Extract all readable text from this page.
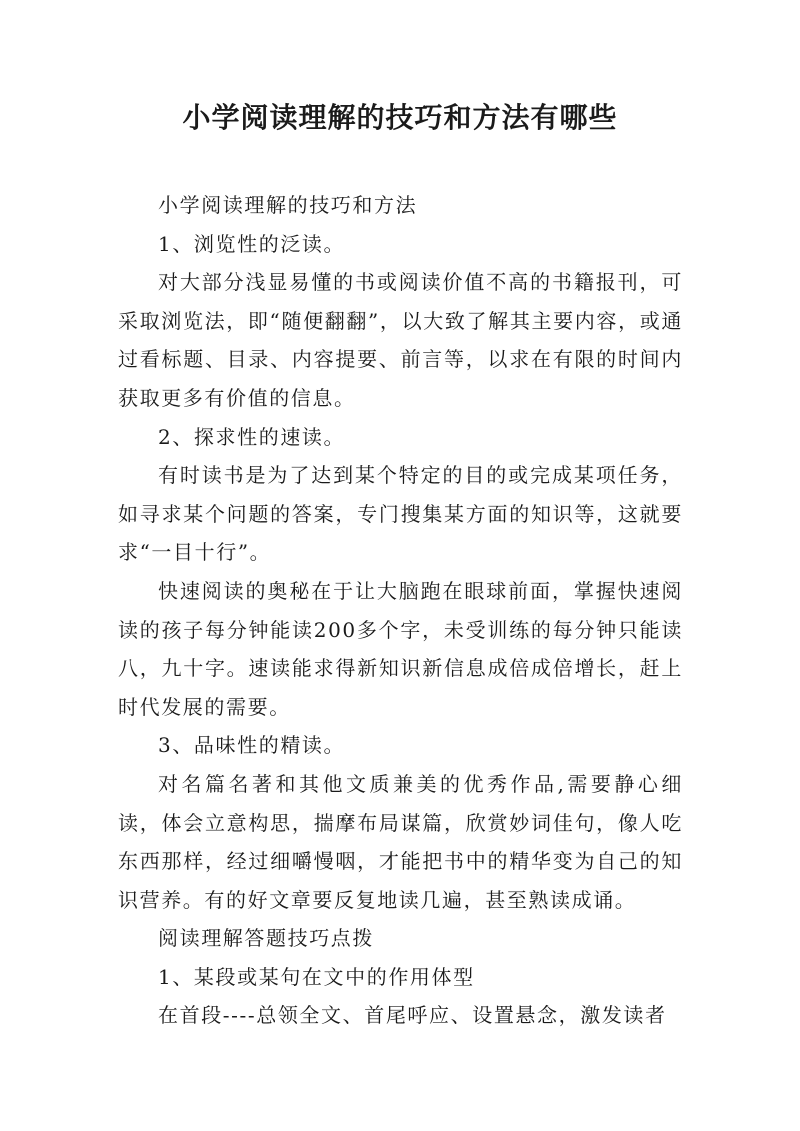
小学阅读理解的技巧和方法有哪些

小学阅读理解的技巧和方法

1、浏览性的泛读。

对大部分浅显易懂的书或阅读价值不高的书籍报刊，可采取浏览法，即“随便翻翻”，以大致了解其主要内容，或通过看标题、目录、内容提要、前言等，以求在有限的时间内获取更多有价值的信息。

2、探求性的速读。

有时读书是为了达到某个特定的目的或完成某项任务，如寻求某个问题的答案，专门搜集某方面的知识等，这就要求“一目十行”。

快速阅读的奥秘在于让大脑跑在眼球前面，掌握快速阅读的孩子每分钟能读200多个字，未受训练的每分钟只能读八，九十字。速读能求得新知识新信息成倍成倍增长，赶上时代发展的需要。

3、品味性的精读。

对名篇名著和其他文质兼美的优秀作品,需要静心细读，体会立意构思，揣摩布局谋篇，欣赏妙词佳句，像人吃东西那样，经过细嚼慢咽，才能把书中的精华变为自己的知识营养。有的好文章要反复地读几遍，甚至熟读成诵。

阅读理解答题技巧点拨

1、某段或某句在文中的作用体型

在首段----总领全文、首尾呼应、设置悬念，激发读者
